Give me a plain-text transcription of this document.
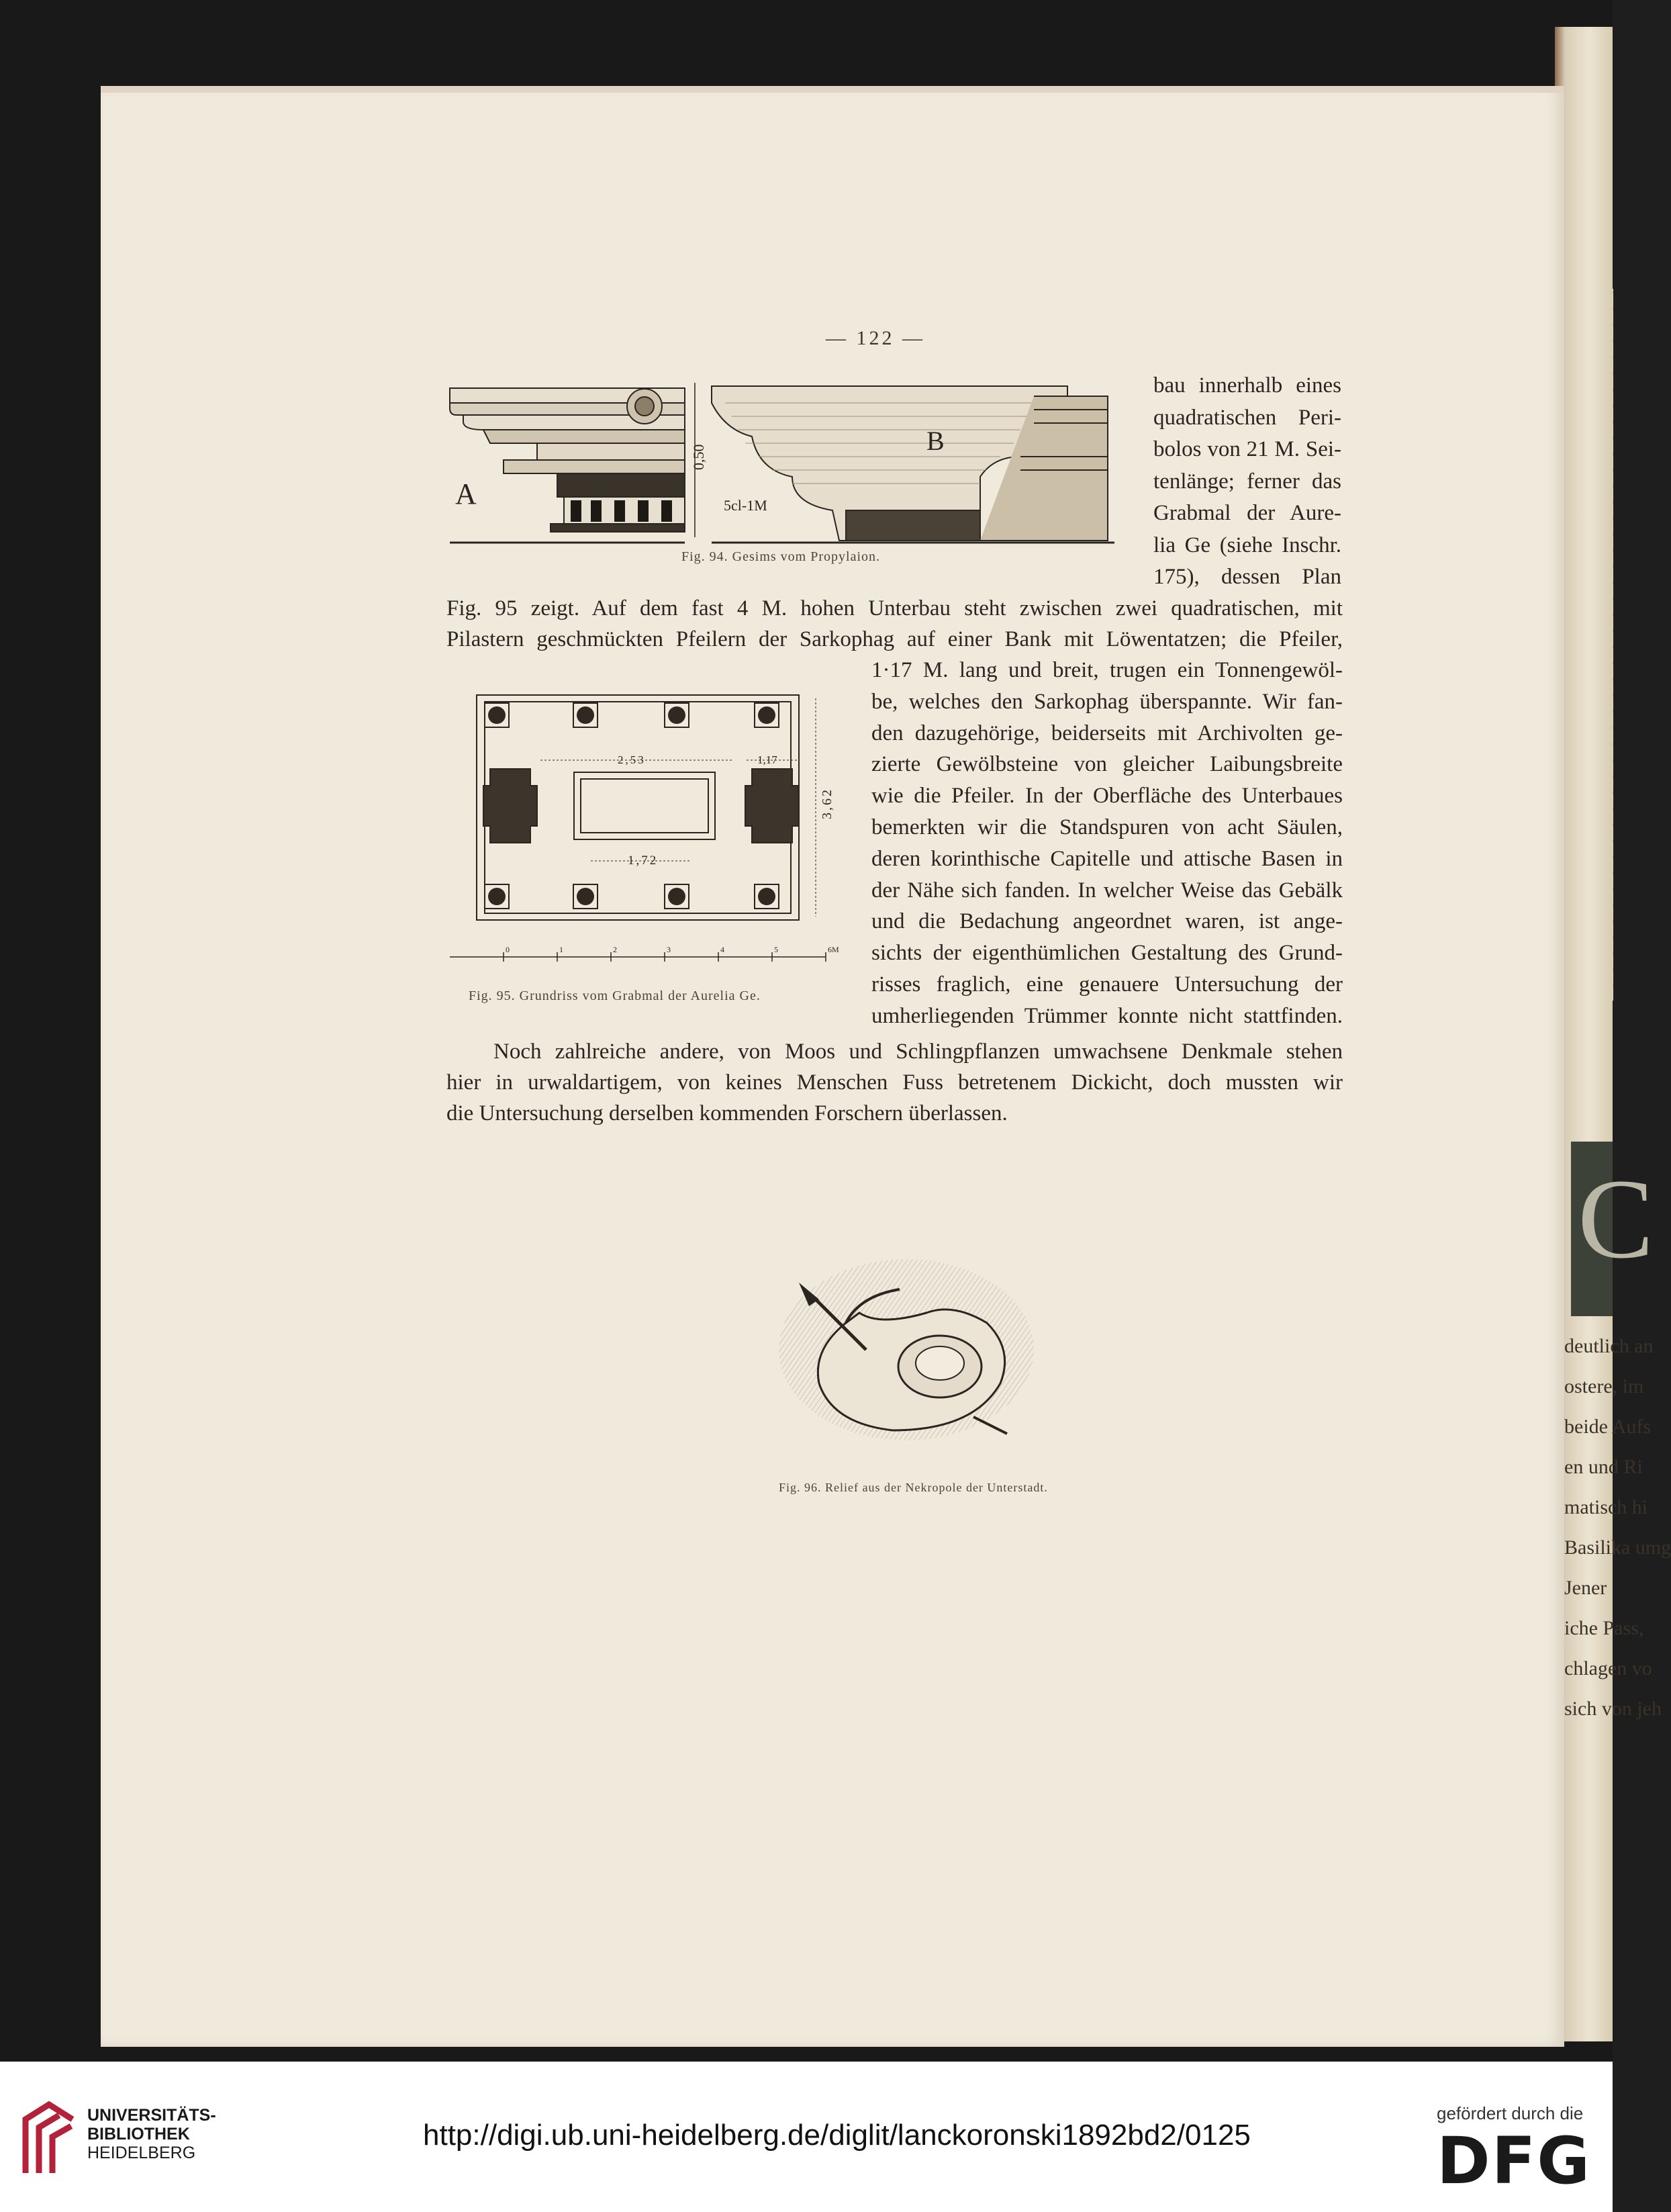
C
deutlich an
ostere, im
beide Aufs
en und Ri
matisch hi
Basilika umg
Jener
iche Pass,
chlagen vo
sich von jeh
— 122 —
A
B
0,50
5cl-1M
Fig. 94. Gesims vom Propylaion.
0	1	2	3	4	5	6M
2,53	1,17
1,72
3,62
Fig. 95. Grundriss vom Grabmal der Aurelia Ge.
Fig. 96. Relief aus der Nekropole der Unterstadt.
bau innerhalb eines
quadratischen Peri-
bolos von 21 M. Sei-
tenlänge; ferner das
Grabmal der Aure-
lia Ge (siehe Inschr.
175), dessen Plan
Fig. 95 zeigt. Auf dem fast 4 M. hohen Unterbau steht zwischen zwei quadratischen, mit
Pilastern geschmückten Pfeilern der Sarkophag auf einer Bank mit Löwentatzen; die Pfeiler,
1·17 M. lang und breit, trugen ein Tonnengewöl-
be, welches den Sarkophag überspannte. Wir fan-
den dazugehörige, beiderseits mit Archivolten ge-
zierte Gewölbsteine von gleicher Laibungsbreite
wie die Pfeiler. In der Oberfläche des Unterbaues
bemerkten wir die Standspuren von acht Säulen,
deren korinthische Capitelle und attische Basen in
der Nähe sich fanden. In welcher Weise das Gebälk
und die Bedachung angeordnet waren, ist ange-
sichts der eigenthümlichen Gestaltung des Grund-
risses fraglich, eine genauere Untersuchung der
umherliegenden Trümmer konnte nicht stattfinden.
Noch zahlreiche andere, von Moos und Schlingpflanzen umwachsene Denkmale stehen
hier in urwaldartigem, von keines Menschen Fuss betretenem Dickicht, doch mussten wir
die Untersuchung derselben kommenden Forschern überlassen.
UNIVERSITÄTS-
BIBLIOTHEK
HEIDELBERG
http://digi.ub.uni-heidelberg.de/diglit/lanckoronski1892bd2/0125
gefördert durch die
DFG
